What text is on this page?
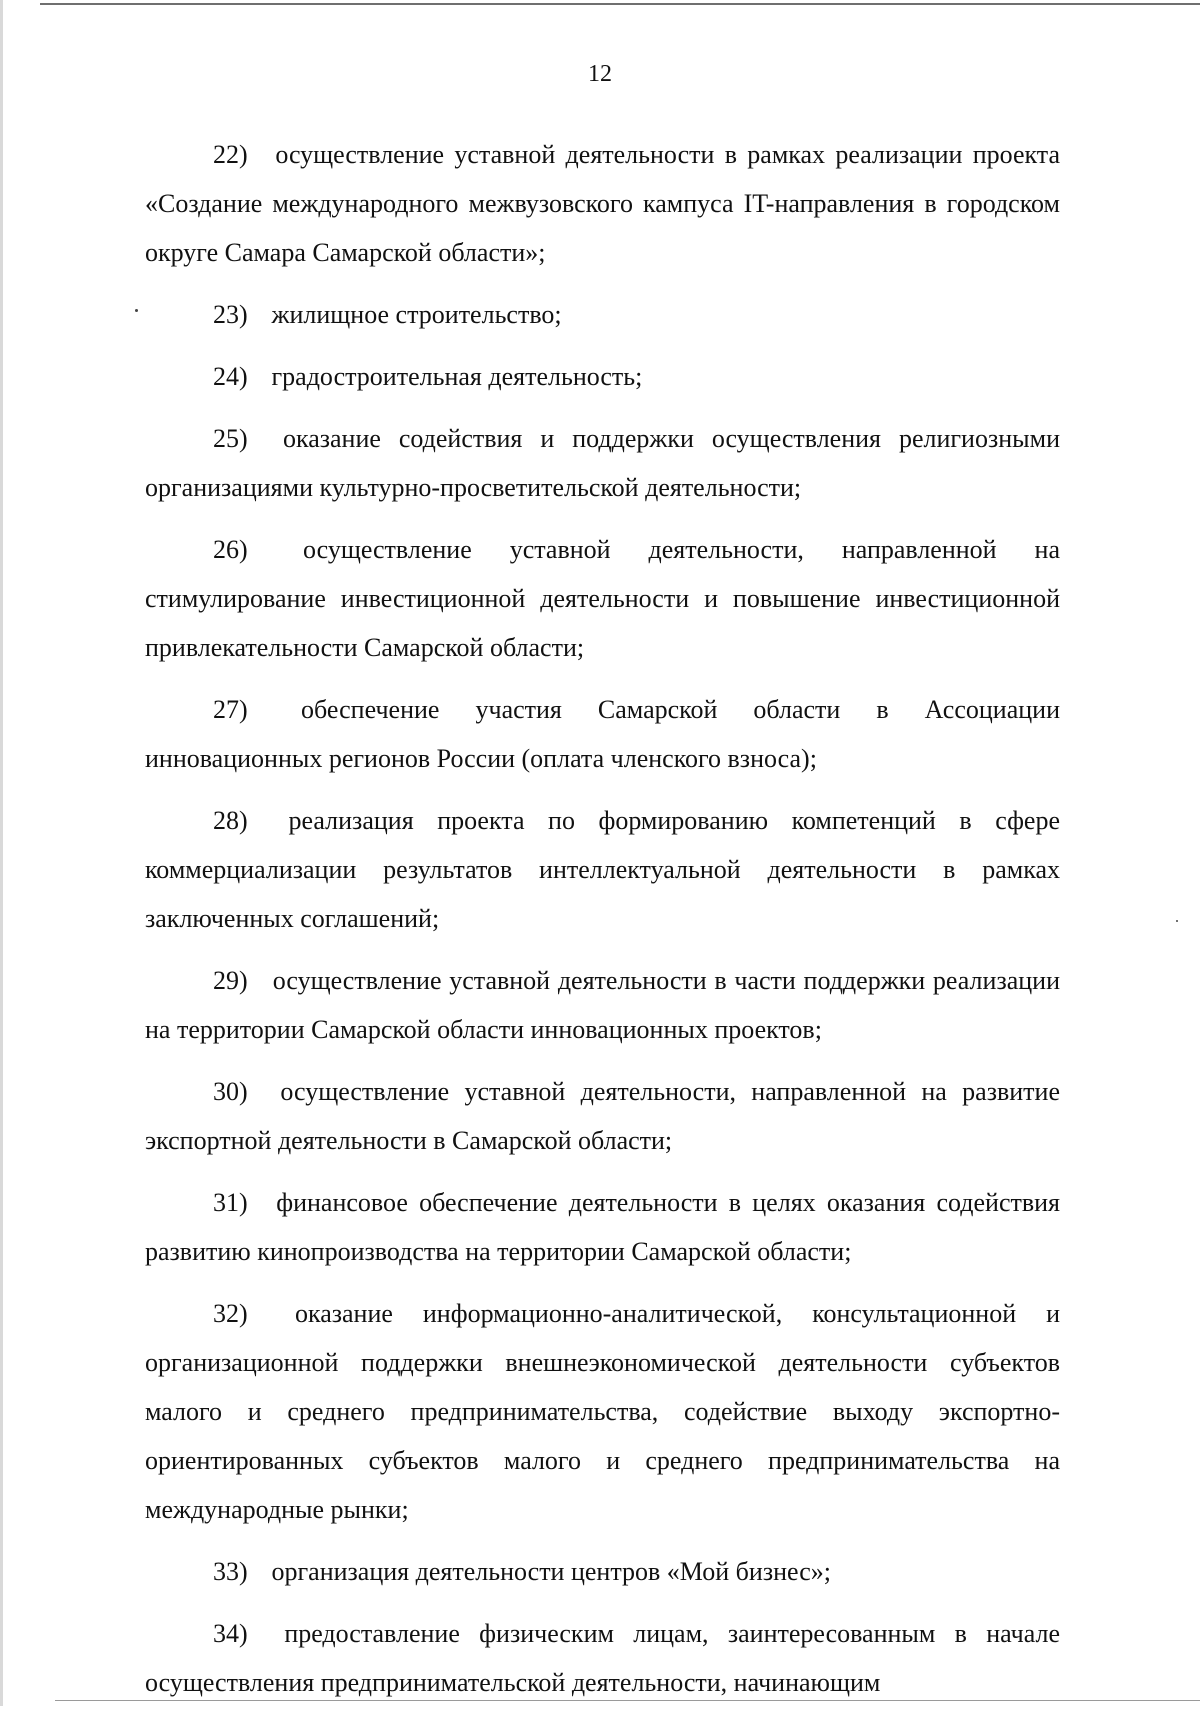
12

22) осуществление уставной деятельности в рамках реализации проекта «Создание международного межвузовского кампуса IT-направления в городском округе Самара Самарской области»;

23) жилищное строительство;

24) градостроительная деятельность;

25) оказание содействия и поддержки осуществления религиозными организациями культурно-просветительской деятельности;

26) осуществление уставной деятельности, направленной на стимулирование инвестиционной деятельности и повышение инвестиционной привлекательности Самарской области;

27) обеспечение участия Самарской области в Ассоциации инновационных регионов России (оплата членского взноса);

28) реализация проекта по формированию компетенций в сфере коммерциализации результатов интеллектуальной деятельности в рамках заключенных соглашений;

29) осуществление уставной деятельности в части поддержки реализации на территории Самарской области инновационных проектов;

30) осуществление уставной деятельности, направленной на развитие экспортной деятельности в Самарской области;

31) финансовое обеспечение деятельности в целях оказания содействия развитию кинопроизводства на территории Самарской области;

32) оказание информационно-аналитической, консультационной и организационной поддержки внешнеэкономической деятельности субъектов малого и среднего предпринимательства, содействие выходу экспортно-ориентированных субъектов малого и среднего предпринимательства на международные рынки;

33) организация деятельности центров «Мой бизнес»;

34) предоставление физическим лицам, заинтересованным в начале осуществления предпринимательской деятельности, начинающим
